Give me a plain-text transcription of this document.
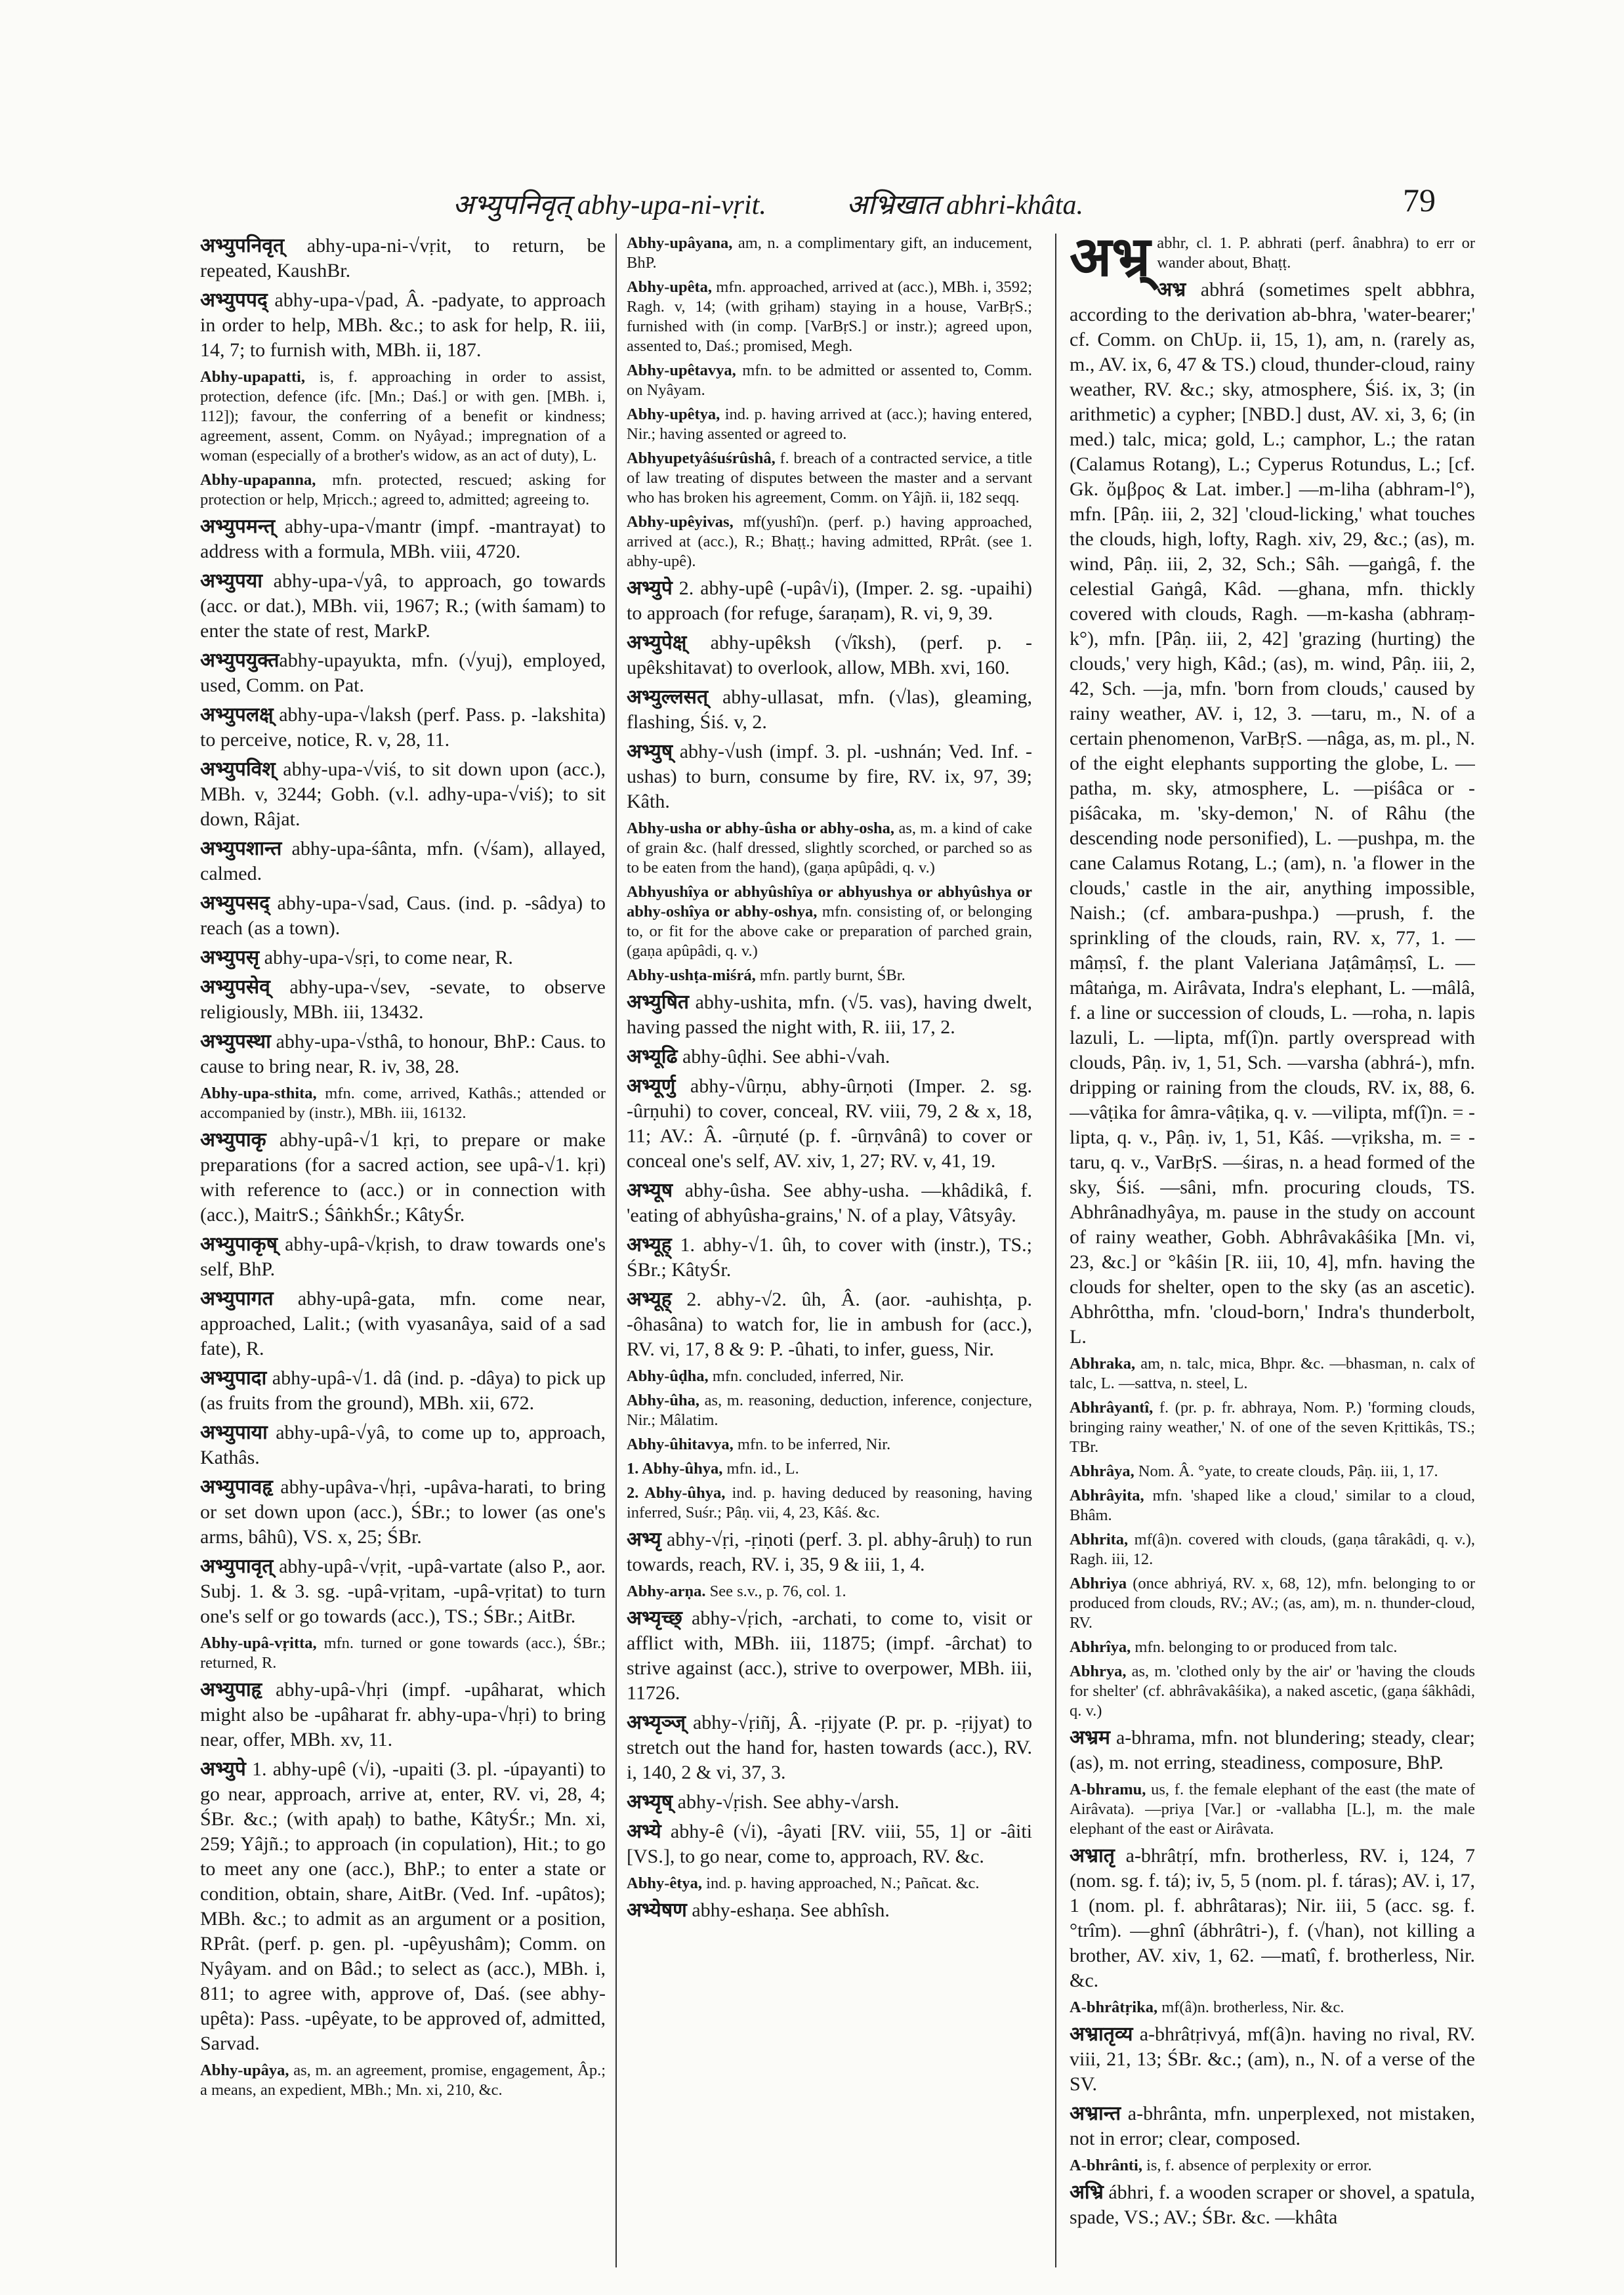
अभ्युपनिवृत् abhy-upa-ni-vṛit.	अभ्रिखात abhri-khâta.	79

अभ्युपनिवृत् abhy-upa-ni-√vṛit, to return, be repeated, KaushBr.

अभ्युपपद् abhy-upa-√pad, Â. -padyate, to approach in order to help, MBh. &c.; to ask for help, R. iii, 14, 7; to furnish with, MBh. ii, 187.

Abhy-upapatti, is, f. approaching in order to assist, protection, defence (ifc. [Mn.; Daś.] or with gen. [MBh. i, 112]); favour, the conferring of a benefit or kindness; agreement, assent, Comm. on Nyâyad.; impregnation of a woman (especially of a brother's widow, as an act of duty), L.

Abhy-upapanna, mfn. protected, rescued; asking for protection or help, Mṛicch.; agreed to, admitted; agreeing to.

अभ्युपमन्त् abhy-upa-√mantr (impf. -mantrayat) to address with a formula, MBh. viii, 4720.

अभ्युपया abhy-upa-√yâ, to approach, go towards (acc. or dat.), MBh. vii, 1967; R.; (with śamam) to enter the state of rest, MarkP.

अभ्युपयुक्तabhy-upayukta, mfn. (√yuj), employed, used, Comm. on Pat.

अभ्युपलक्ष् abhy-upa-√laksh (perf. Pass. p. -lakshita) to perceive, notice, R. v, 28, 11.

अभ्युपविश् abhy-upa-√viś, to sit down upon (acc.), MBh. v, 3244; Gobh. (v.l. adhy-upa-√viś); to sit down, Râjat.

अभ्युपशान्त abhy-upa-śânta, mfn. (√śam), allayed, calmed.

अभ्युपसद् abhy-upa-√sad, Caus. (ind. p. -sâdya) to reach (as a town).

अभ्युपसृ abhy-upa-√sṛi, to come near, R.

अभ्युपसेव् abhy-upa-√sev, -sevate, to observe religiously, MBh. iii, 13432.

अभ्युपस्था abhy-upa-√sthâ, to honour, BhP.: Caus. to cause to bring near, R. iv, 38, 28.

Abhy-upa-sthita, mfn. come, arrived, Kathâs.; attended or accompanied by (instr.), MBh. iii, 16132.

अभ्युपाकृ abhy-upâ-√1 kṛi, to prepare or make preparations (for a sacred action, see upâ-√1. kṛi) with reference to (acc.) or in connection with (acc.), MaitrS.; ŚâṅkhŚr.; KâtyŚr.

अभ्युपाकृष् abhy-upâ-√kṛish, to draw towards one's self, BhP.

अभ्युपागत abhy-upâ-gata, mfn. come near, approached, Lalit.; (with vyasanâya, said of a sad fate), R.

अभ्युपादा abhy-upâ-√1. dâ (ind. p. -dâya) to pick up (as fruits from the ground), MBh. xii, 672.

अभ्युपाया abhy-upâ-√yâ, to come up to, approach, Kathâs.

अभ्युपावहृ abhy-upâva-√hṛi, -upâva-harati, to bring or set down upon (acc.), ŚBr.; to lower (as one's arms, bâhû), VS. x, 25; ŚBr.

अभ्युपावृत् abhy-upâ-√vṛit, -upâ-vartate (also P., aor. Subj. 1. & 3. sg. -upâ-vṛitam, -upâ-vṛitat) to turn one's self or go towards (acc.), TS.; ŚBr.; AitBr.

Abhy-upâ-vṛitta, mfn. turned or gone towards (acc.), ŚBr.; returned, R.

अभ्युपाहृ abhy-upâ-√hṛi (impf. -upâharat, which might also be -upâharat fr. abhy-upa-√hṛi) to bring near, offer, MBh. xv, 11.

अभ्युपे 1. abhy-upê (√i), -upaiti (3. pl. -úpayanti) to go near, approach, arrive at, enter, RV. vi, 28, 4; ŚBr. &c.; (with apaḥ) to bathe, KâtyŚr.; Mn. xi, 259; Yâjñ.; to approach (in copulation), Hit.; to go to meet any one (acc.), BhP.; to enter a state or condition, obtain, share, AitBr. (Ved. Inf. -upâtos); MBh. &c.; to admit as an argument or a position, RPrât. (perf. p. gen. pl. -upêyushâm); Comm. on Nyâyam. and on Bâd.; to select as (acc.), MBh. i, 811; to agree with, approve of, Daś. (see abhy-upêta): Pass. -upêyate, to be approved of, admitted, Sarvad.

Abhy-upâya, as, m. an agreement, promise, engagement, Âp.; a means, an expedient, MBh.; Mn. xi, 210, &c.

Abhy-upâyana, am, n. a complimentary gift, an inducement, BhP.

Abhy-upêta, mfn. approached, arrived at (acc.), MBh. i, 3592; Ragh. v, 14; (with gṛiham) staying in a house, VarBṛS.; furnished with (in comp. [VarBṛS.] or instr.); agreed upon, assented to, Daś.; promised, Megh.

Abhy-upêtavya, mfn. to be admitted or assented to, Comm. on Nyâyam.

Abhy-upêtya, ind. p. having arrived at (acc.); having entered, Nir.; having assented or agreed to.

Abhyupetyâśuśrûshâ, f. breach of a contracted service, a title of law treating of disputes between the master and a servant who has broken his agreement, Comm. on Yâjñ. ii, 182 seqq.

Abhy-upêyivas, mf(yushî)n. (perf. p.) having approached, arrived at (acc.), R.; Bhaṭṭ.; having admitted, RPrât. (see 1. abhy-upê).

अभ्युपे 2. abhy-upê (-upâ√i), (Imper. 2. sg. -upaihi) to approach (for refuge, śaraṇam), R. vi, 9, 39.

अभ्युपेक्ष् abhy-upêksh (√îksh), (perf. p. -upêkshitavat) to overlook, allow, MBh. xvi, 160.

अभ्युल्लसत् abhy-ullasat, mfn. (√las), gleaming, flashing, Śiś. v, 2.

अभ्युष् abhy-√ush (impf. 3. pl. -ushnán; Ved. Inf. -ushas) to burn, consume by fire, RV. ix, 97, 39; Kâth.

Abhy-usha or abhy-ûsha or abhy-osha, as, m. a kind of cake of grain &c. (half dressed, slightly scorched, or parched so as to be eaten from the hand), (gaṇa apûpâdi, q. v.)

Abhyushîya or abhyûshîya or abhyushya or abhyûshya or abhy-oshîya or abhy-oshya, mfn. consisting of, or belonging to, or fit for the above cake or preparation of parched grain, (gaṇa apûpâdi, q. v.)

Abhy-ushṭa-miśrá, mfn. partly burnt, ŚBr.

अभ्युषित abhy-ushita, mfn. (√5. vas), having dwelt, having passed the night with, R. iii, 17, 2.

अभ्यूढि abhy-ûḍhi. See abhi-√vah.

अभ्यूर्णु abhy-√ûrṇu, abhy-ûrṇoti (Imper. 2. sg. -ûrṇuhi) to cover, conceal, RV. viii, 79, 2 & x, 18, 11; AV.: Â. -ûrṇuté (p. f. -ûrṇvânâ) to cover or conceal one's self, AV. xiv, 1, 27; RV. v, 41, 19.

अभ्यूष abhy-ûsha. See abhy-usha. —khâdikâ, f. 'eating of abhyûsha-grains,' N. of a play, Vâtsyây.

अभ्यूह् 1. abhy-√1. ûh, to cover with (instr.), TS.; ŚBr.; KâtyŚr.

अभ्यूह् 2. abhy-√2. ûh, Â. (aor. -auhishṭa, p. -ôhasâna) to watch for, lie in ambush for (acc.), RV. vi, 17, 8 & 9: P. -ûhati, to infer, guess, Nir.

Abhy-ûḍha, mfn. concluded, inferred, Nir.

Abhy-ûha, as, m. reasoning, deduction, inference, conjecture, Nir.; Mâlatim.

Abhy-ûhitavya, mfn. to be inferred, Nir.

1. Abhy-ûhya, mfn. id., L.

2. Abhy-ûhya, ind. p. having deduced by reasoning, having inferred, Suśr.; Pâṇ. vii, 4, 23, Kâś. &c.

अभ्यृ abhy-√ṛi, -ṛiṇoti (perf. 3. pl. abhy-âruḥ) to run towards, reach, RV. i, 35, 9 & iii, 1, 4.

Abhy-arṇa. See s.v., p. 76, col. 1.

अभ्यृच्छ् abhy-√ṛich, -archati, to come to, visit or afflict with, MBh. iii, 11875; (impf. -ârchat) to strive against (acc.), strive to overpower, MBh. iii, 11726.

अभ्यृञ्ज् abhy-√ṛiñj, Â. -ṛijyate (P. pr. p. -ṛijyat) to stretch out the hand for, hasten towards (acc.), RV. i, 140, 2 & vi, 37, 3.

अभ्यृष् abhy-√ṛish. See abhy-√arsh.

अभ्ये abhy-ê (√i), -âyati [RV. viii, 55, 1] or -âiti [VS.], to go near, come to, approach, RV. &c.

Abhy-êtya, ind. p. having approached, N.; Pañcat. &c.

अभ्येषण abhy-eshaṇa. See abhîsh.

अभ्र् abhr, cl. 1. P. abhrati (perf. ânabhra) to err or wander about, Bhaṭṭ.

अभ्र abhrá (sometimes spelt abbhra, according to the derivation ab-bhra, 'water-bearer;' cf. Comm. on ChUp. ii, 15, 1), am, n. (rarely as, m., AV. ix, 6, 47 & TS.) cloud, thunder-cloud, rainy weather, RV. &c.; sky, atmosphere, Śiś. ix, 3; (in arithmetic) a cypher; [NBD.] dust, AV. xi, 3, 6; (in med.) talc, mica; gold, L.; camphor, L.; the ratan (Calamus Rotang), L.; Cyperus Rotundus, L.; [cf. Gk. ὄμβρος & Lat. imber.] —m-liha (abhram-l°), mfn. [Pâṇ. iii, 2, 32] 'cloud-licking,' what touches the clouds, high, lofty, Ragh. xiv, 29, &c.; (as), m. wind, Pâṇ. iii, 2, 32, Sch.; Sâh. —gaṅgâ, f. the celestial Gaṅgâ, Kâd. —ghana, mfn. thickly covered with clouds, Ragh. —m-kasha (abhraṃ-k°), mfn. [Pâṇ. iii, 2, 42] 'grazing (hurting) the clouds,' very high, Kâd.; (as), m. wind, Pâṇ. iii, 2, 42, Sch. —ja, mfn. 'born from clouds,' caused by rainy weather, AV. i, 12, 3. —taru, m., N. of a certain phenomenon, VarBṛS. —nâga, as, m. pl., N. of the eight elephants supporting the globe, L. —patha, m. sky, atmosphere, L. —piśâca or -piśâcaka, m. 'sky-demon,' N. of Râhu (the descending node personified), L. —pushpa, m. the cane Calamus Rotang, L.; (am), n. 'a flower in the clouds,' castle in the air, anything impossible, Naish.; (cf. ambara-pushpa.) —prush, f. the sprinkling of the clouds, rain, RV. x, 77, 1. —mâṃsî, f. the plant Valeriana Jaṭâmâṃsî, L. —mâtaṅga, m. Airâvata, Indra's elephant, L. —mâlâ, f. a line or succession of clouds, L. —roha, n. lapis lazuli, L. —lipta, mf(î)n. partly overspread with clouds, Pâṇ. iv, 1, 51, Sch. —varsha (abhrá-), mfn. dripping or raining from the clouds, RV. ix, 88, 6. —vâṭika for âmra-vâṭika, q. v. —vilipta, mf(î)n. = -lipta, q. v., Pâṇ. iv, 1, 51, Kâś. —vṛiksha, m. = -taru, q. v., VarBṛS. —śiras, n. a head formed of the sky, Śiś. —sâni, mfn. procuring clouds, TS. Abhrânadhyâya, m. pause in the study on account of rainy weather, Gobh. Abhrâvakâśika [Mn. vi, 23, &c.] or °kâśin [R. iii, 10, 4], mfn. having the clouds for shelter, open to the sky (as an ascetic). Abhrôttha, mfn. 'cloud-born,' Indra's thunderbolt, L.

Abhraka, am, n. talc, mica, Bhpr. &c. —bhasman, n. calx of talc, L. —sattva, n. steel, L.

Abhrâyantî, f. (pr. p. fr. abhraya, Nom. P.) 'forming clouds, bringing rainy weather,' N. of one of the seven Kṛittikâs, TS.; TBr.

Abhrâya, Nom. Â. °yate, to create clouds, Pâṇ. iii, 1, 17.

Abhrâyita, mfn. 'shaped like a cloud,' similar to a cloud, Bhâm.

Abhrita, mf(â)n. covered with clouds, (gaṇa târakâdi, q. v.), Ragh. iii, 12.

Abhriya (once abhriyá, RV. x, 68, 12), mfn. belonging to or produced from clouds, RV.; AV.; (as, am), m. n. thunder-cloud, RV.

Abhrîya, mfn. belonging to or produced from talc.

Abhrya, as, m. 'clothed only by the air' or 'having the clouds for shelter' (cf. abhrâvakâśika), a naked ascetic, (gaṇa śâkhâdi, q. v.)

अभ्रम a-bhrama, mfn. not blundering; steady, clear; (as), m. not erring, steadiness, composure, BhP.

A-bhramu, us, f. the female elephant of the east (the mate of Airâvata). —priya [Var.] or -vallabha [L.], m. the male elephant of the east or Airâvata.

अभ्रातृ a-bhrâtṛí, mfn. brotherless, RV. i, 124, 7 (nom. sg. f. tá); iv, 5, 5 (nom. pl. f. táras); AV. i, 17, 1 (nom. pl. f. abhrâtaras); Nir. iii, 5 (acc. sg. f. °trîm). —ghnî (ábhrâtri-), f. (√han), not killing a brother, AV. xiv, 1, 62. —matî, f. brotherless, Nir. &c.

A-bhrâtṛika, mf(â)n. brotherless, Nir. &c.

अभ्रातृव्य a-bhrâtṛivyá, mf(â)n. having no rival, RV. viii, 21, 13; ŚBr. &c.; (am), n., N. of a verse of the SV.

अभ्रान्त a-bhrânta, mfn. unperplexed, not mistaken, not in error; clear, composed.

A-bhrânti, is, f. absence of perplexity or error.

अभ्रि ábhri, f. a wooden scraper or shovel, a spatula, spade, VS.; AV.; ŚBr. &c. —khâta
